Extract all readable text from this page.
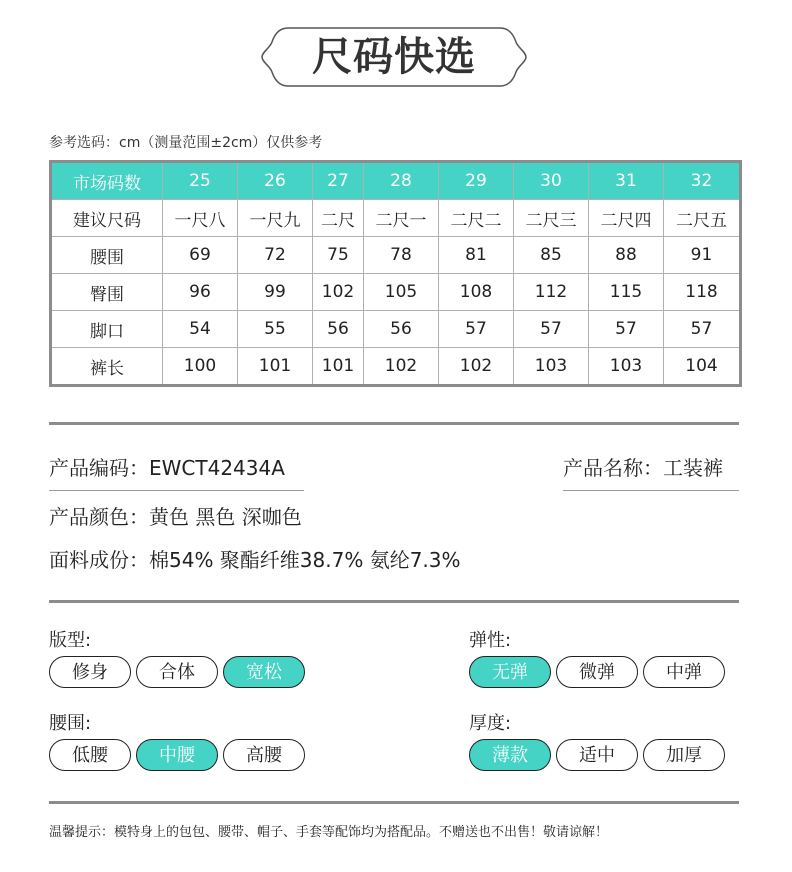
尺码快选
参考选码：cm（测量范围±2cm）仅供参考
市场码数	25	26	27	28	29	30	31	32
建议尺码	一尺八	一尺九	二尺	二尺一	二尺二	二尺三	二尺四	二尺五
腰围	69	72	75	78	81	85	88	91
臀围	96	99	102	105	108	112	115	118
脚口	54	55	56	56	57	57	57	57
裤长	100	101	101	102	102	103	103	104
产品编码：EWCT42434A	产品名称：工装裤
产品颜色：黄色 黑色 深咖色
面料成份：棉54% 聚酯纤维38.7% 氨纶7.3%
版型:
修身	合体	宽松
弹性:
无弹	微弹	中弹
腰围:
低腰	中腰	高腰
厚度:
薄款	适中	加厚
温馨提示：模特身上的包包、腰带、帽子、手套等配饰均为搭配品。不赠送也不出售！敬请谅解！
